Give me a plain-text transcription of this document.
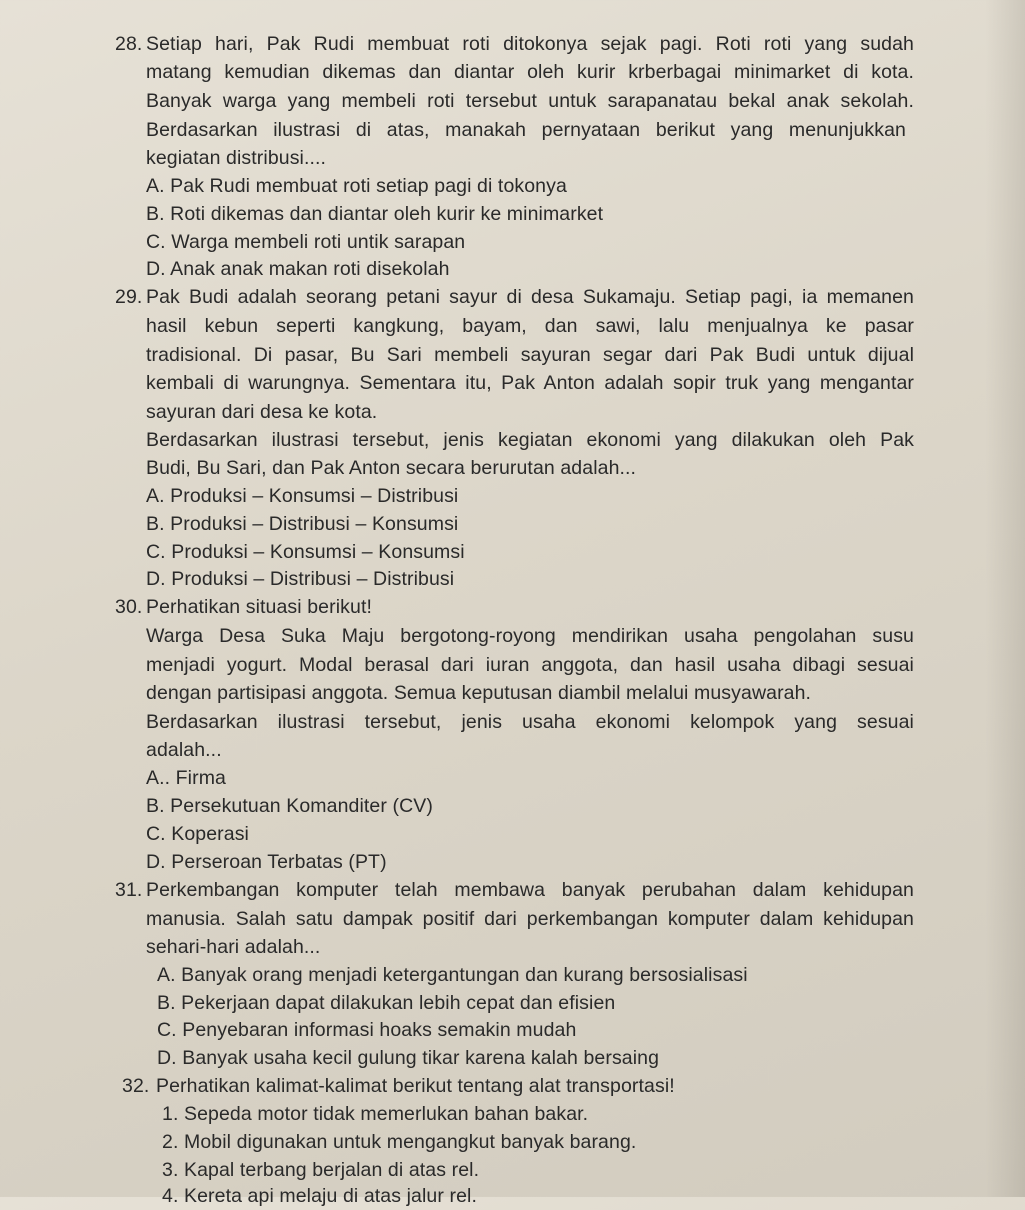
28. Setiap hari, Pak Rudi membuat roti ditokonya sejak pagi. Roti roti yang sudah
matang kemudian dikemas dan diantar oleh kurir krberbagai minimarket di kota.
Banyak warga yang membeli roti tersebut untuk sarapanatau bekal anak sekolah.
Berdasarkan ilustrasi di atas, manakah pernyataan berikut yang menunjukkan
kegiatan distribusi....
A. Pak Rudi membuat roti setiap pagi di tokonya
B. Roti dikemas dan diantar oleh kurir ke minimarket
C. Warga membeli roti untik sarapan
D. Anak anak makan roti disekolah
29. Pak Budi adalah seorang petani sayur di desa Sukamaju. Setiap pagi, ia memanen
hasil kebun seperti kangkung, bayam, dan sawi, lalu menjualnya ke pasar
tradisional. Di pasar, Bu Sari membeli sayuran segar dari Pak Budi untuk dijual
kembali di warungnya. Sementara itu, Pak Anton adalah sopir truk yang mengantar
sayuran dari desa ke kota.
Berdasarkan ilustrasi tersebut, jenis kegiatan ekonomi yang dilakukan oleh Pak
Budi, Bu Sari, dan Pak Anton secara berurutan adalah...
A. Produksi – Konsumsi – Distribusi
B. Produksi – Distribusi – Konsumsi
C. Produksi – Konsumsi – Konsumsi
D. Produksi – Distribusi – Distribusi
30. Perhatikan situasi berikut!
Warga Desa Suka Maju bergotong-royong mendirikan usaha pengolahan susu
menjadi yogurt. Modal berasal dari iuran anggota, dan hasil usaha dibagi sesuai
dengan partisipasi anggota. Semua keputusan diambil melalui musyawarah.
Berdasarkan ilustrasi tersebut, jenis usaha ekonomi kelompok yang sesuai
adalah...
A.. Firma
B. Persekutuan Komanditer (CV)
C. Koperasi
D. Perseroan Terbatas (PT)
31. Perkembangan komputer telah membawa banyak perubahan dalam kehidupan
manusia. Salah satu dampak positif dari perkembangan komputer dalam kehidupan
sehari-hari adalah...
A. Banyak orang menjadi ketergantungan dan kurang bersosialisasi
B. Pekerjaan dapat dilakukan lebih cepat dan efisien
C. Penyebaran informasi hoaks semakin mudah
D. Banyak usaha kecil gulung tikar karena kalah bersaing
32. Perhatikan kalimat-kalimat berikut tentang alat transportasi!
1. Sepeda motor tidak memerlukan bahan bakar.
2. Mobil digunakan untuk mengangkut banyak barang.
3. Kapal terbang berjalan di atas rel.
4. Kereta api melaju di atas jalur rel.
